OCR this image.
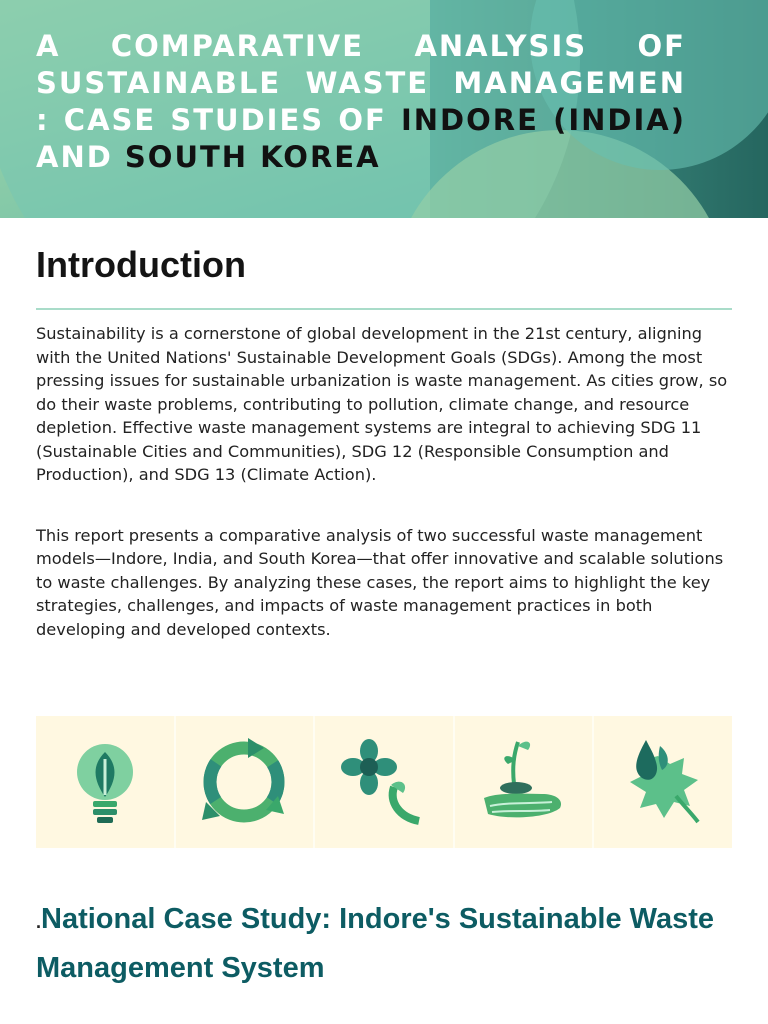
A COMPARATIVE ANALYSIS OF SUSTAINABLE WASTE MANAGEMEN : CASE STUDIES OF INDORE (INDIA) AND SOUTH KOREA
Introduction

Sustainability is a cornerstone of global development in the 21st century, aligning with the United Nations' Sustainable Development Goals (SDGs). Among the most pressing issues for sustainable urbanization is waste management. As cities grow, so do their waste problems, contributing to pollution, climate change, and resource depletion. Effective waste management systems are integral to achieving SDG 11 (Sustainable Cities and Communities), SDG 12 (Responsible Consumption and Production), and SDG 13 (Climate Action).

This report presents a comparative analysis of two successful waste management models—Indore, India, and South Korea—that offer innovative and scalable solutions to waste challenges. By analyzing these cases, the report aims to highlight the key strategies, challenges, and impacts of waste management practices in both developing and developed contexts.

.National Case Study: Indore's Sustainable Waste Management System
